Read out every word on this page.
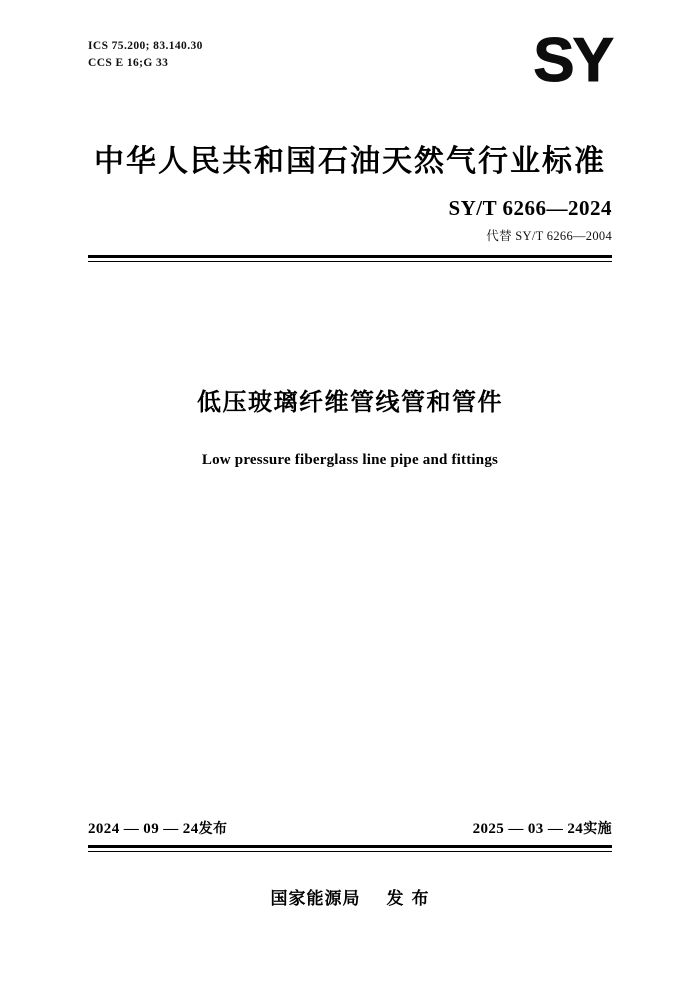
ICS 75.200; 83.140.30
CCS E 16;G 33	SY
中华人民共和国石油天然气行业标准
SY/T 6266—2024
代替 SY/T 6266—2004
低压玻璃纤维管线管和管件
Low pressure fiberglass line pipe and fittings
2024 — 09 — 24发布	2025 — 03 — 24实施
国家能源局 发 布
